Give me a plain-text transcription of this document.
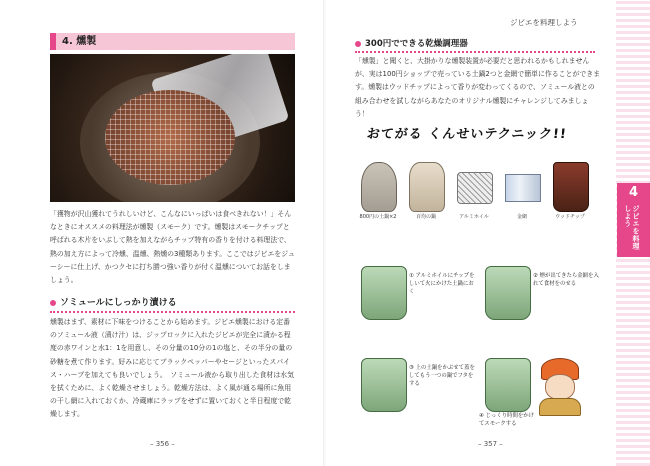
4. 燻製
「獲物が沢山獲れてうれしいけど、こんなにいっぱいは食べきれない！」そんなときにオススメの料理法が燻製（スモーク）です。燻製はスモークチップと呼ばれる木片をいぶして熱を加えながらチップ特有の香りを付ける料理法で、熱の加え方によって冷燻、温燻、熱燻の3種類あります。ここではジビエをジューシーに仕上げ、かつクセに打ち勝つ強い香りが付く温燻についてお話をしましょう。
ソミュールにしっかり漬ける
燻製はまず、素材に下味をつけることから始めます。ジビエ燻製における定番のソミュール液（漬け汁）は、ジップロックに入れたジビエが完全に漬かる程度の赤ワインと水1：1を用意し、その分量の10分の1の塩と、その半分の量の砂糖を煮て作ります。好みに応じてブラックペッパーやセージといったスパイス・ハーブを加えても良いでしょう。　ソミュール液から取り出した食材は水気を拭くために、よく乾燥させましょう。乾燥方法は、よく風が通る場所に魚用の干し網に入れておくか、冷蔵庫にラップをせずに置いておくと半日程度で乾燥します。
– 356 –
ジビエを料理しよう
300円でできる乾燥調理器
「燻製」と聞くと、大掛かりな燻製装置が必要だと思われるかもしれませんが、実は100円ショップで売っている土鍋2つと金網で簡単に作ることができます。燻製はウッドチップによって香りが変わってくるので、ソミュール液との組み合わせを試しながらあなたのオリジナル燻製にチャレンジしてみましょう！
おてがる くんせいテクニック!!
800円の土鍋×2	百均の鍋	アルミホイル	金網	ウッドチップ
① アルミホイルにチップをしいて火にかけた土鍋におく
② 煙が出てきたら金網を入れて食材をのせる
③ 上の土鍋をかぶせて蓋をしてもう一つの鍋でフタをする
④ じっくり時間をかけてスモークする
– 357 –
4
ジビエを料理しよう
